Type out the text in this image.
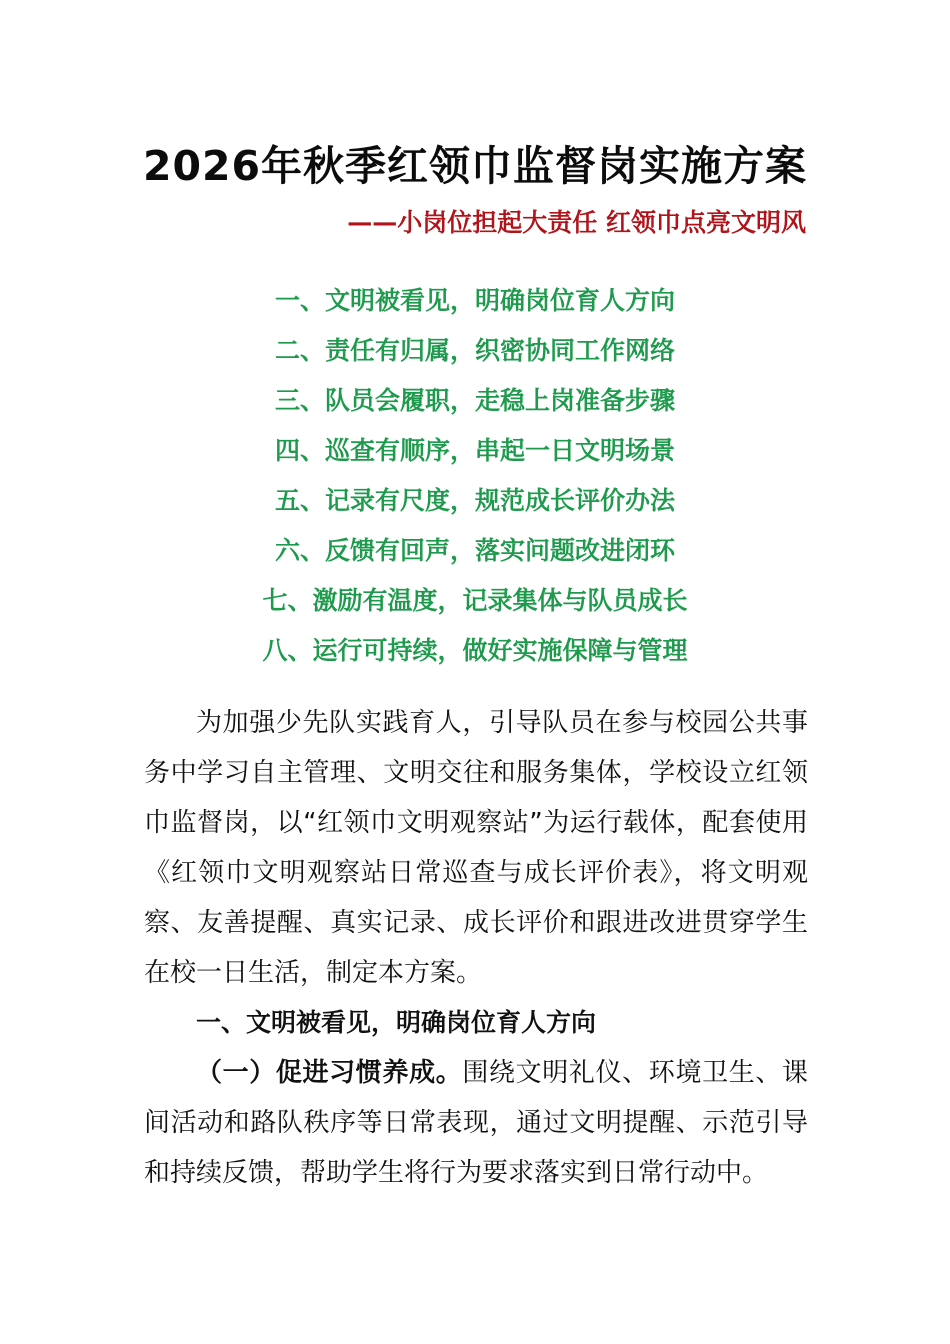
2026年秋季红领巾监督岗实施方案
——小岗位担起大责任 红领巾点亮文明风
一、文明被看见，明确岗位育人方向
二、责任有归属，织密协同工作网络
三、队员会履职，走稳上岗准备步骤
四、巡查有顺序，串起一日文明场景
五、记录有尺度，规范成长评价办法
六、反馈有回声，落实问题改进闭环
七、激励有温度，记录集体与队员成长
八、运行可持续，做好实施保障与管理
为加强少先队实践育人，引导队员在参与校园公共事务中学习自主管理、文明交往和服务集体，学校设立红领巾监督岗，以“红领巾文明观察站”为运行载体，配套使用《红领巾文明观察站日常巡查与成长评价表》，将文明观察、友善提醒、真实记录、成长评价和跟进改进贯穿学生在校一日生活，制定本方案。
一、文明被看见，明确岗位育人方向
（一）促进习惯养成。围绕文明礼仪、环境卫生、课间活动和路队秩序等日常表现，通过文明提醒、示范引导和持续反馈，帮助学生将行为要求落实到日常行动中。
